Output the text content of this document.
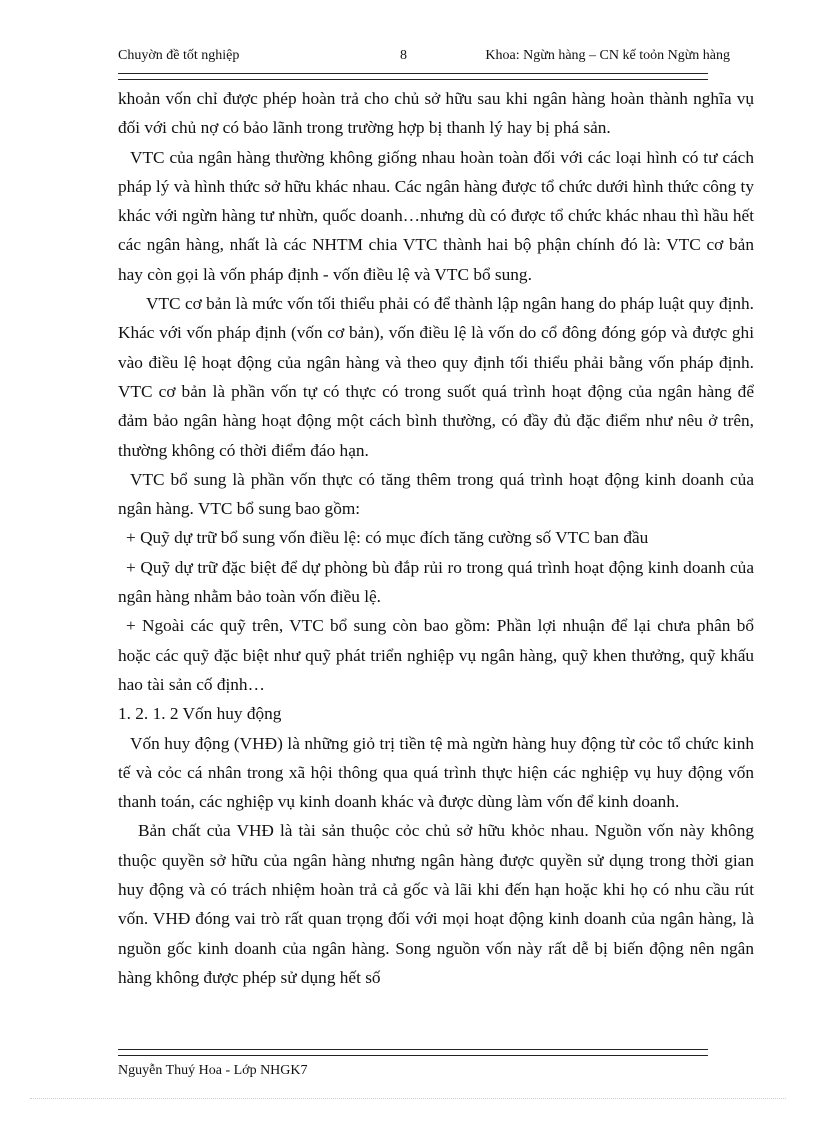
Chuyờn đề tốt nghiệp	8	Khoa: Ngừn hàng – CN kế toỏn Ngừn hàng

khoản vốn chỉ được phép hoàn trả cho chủ sở hữu sau khi ngân hàng hoàn thành nghĩa vụ đối với chủ nợ có bảo lãnh trong trường hợp bị thanh lý hay bị phá sản.

VTC của ngân hàng thường không giống nhau hoàn toàn đối với các loại hình có tư cách pháp lý và hình thức sở hữu khác nhau. Các ngân hàng được tổ chức dưới hình thức công ty khác với ngừn hàng tư nhừn, quốc doanh…nhưng dù có được tổ chức khác nhau thì hầu hết các ngân hàng, nhất là các NHTM chia VTC thành hai bộ phận chính đó là: VTC cơ bản hay còn gọi là vốn pháp định - vốn điều lệ và VTC bổ sung.

VTC cơ bản là mức vốn tối thiểu phải có để thành lập ngân hang do pháp luật quy định. Khác với vốn pháp định (vốn cơ bản), vốn điều lệ là vốn do cổ đông đóng góp và được ghi vào điều lệ hoạt động của ngân hàng và theo quy định tối thiểu phải bằng vốn pháp định. VTC cơ bản là phần vốn tự có thực có trong suốt quá trình hoạt động của ngân hàng để đảm bảo ngân hàng hoạt động một cách bình thường, có đầy đủ đặc điểm như nêu ở trên, thường không có thời điểm đáo hạn.

VTC bổ sung là phần vốn thực có tăng thêm trong quá trình hoạt động kinh doanh của ngân hàng. VTC bổ sung bao gồm:

+ Quỹ dự trữ bổ sung vốn điều lệ: có mục đích tăng cường số VTC ban đầu

+ Quỹ dự trữ đặc biệt để dự phòng bù đắp rủi ro trong quá trình hoạt động kinh doanh của ngân hàng nhằm bảo toàn vốn điều lệ.

+ Ngoài các quỹ trên, VTC bổ sung còn bao gồm: Phần lợi nhuận để lại chưa phân bổ hoặc các quỹ đặc biệt như quỹ phát triển nghiệp vụ ngân hàng, quỹ khen thưởng, quỹ khấu hao tài sản cố định…

1. 2. 1. 2 Vốn huy động

Vốn huy động (VHĐ) là những giỏ trị tiền tệ mà ngừn hàng huy động từ cỏc tổ chức kinh tế và cỏc cá nhân trong xã hội thông qua quá trình thực hiện các nghiệp vụ huy động vốn thanh toán, các nghiệp vụ kinh doanh khác và được dùng làm vốn để kinh doanh.

Bản chất của VHĐ là tài sản thuộc cỏc chủ sở hữu khỏc nhau. Nguồn vốn này không thuộc quyền sở hữu của ngân hàng nhưng ngân hàng được quyền sử dụng trong thời gian huy động và có trách nhiệm hoàn trả cả gốc và lãi khi đến hạn hoặc khi họ có nhu cầu rút vốn. VHĐ đóng vai trò rất quan trọng đối với mọi hoạt động kinh doanh của ngân hàng, là nguồn gốc kinh doanh của ngân hàng. Song nguồn vốn này rất dễ bị biến động nên ngân hàng không được phép sử dụng hết số

Nguyễn Thuý Hoa - Lớp NHGK7
